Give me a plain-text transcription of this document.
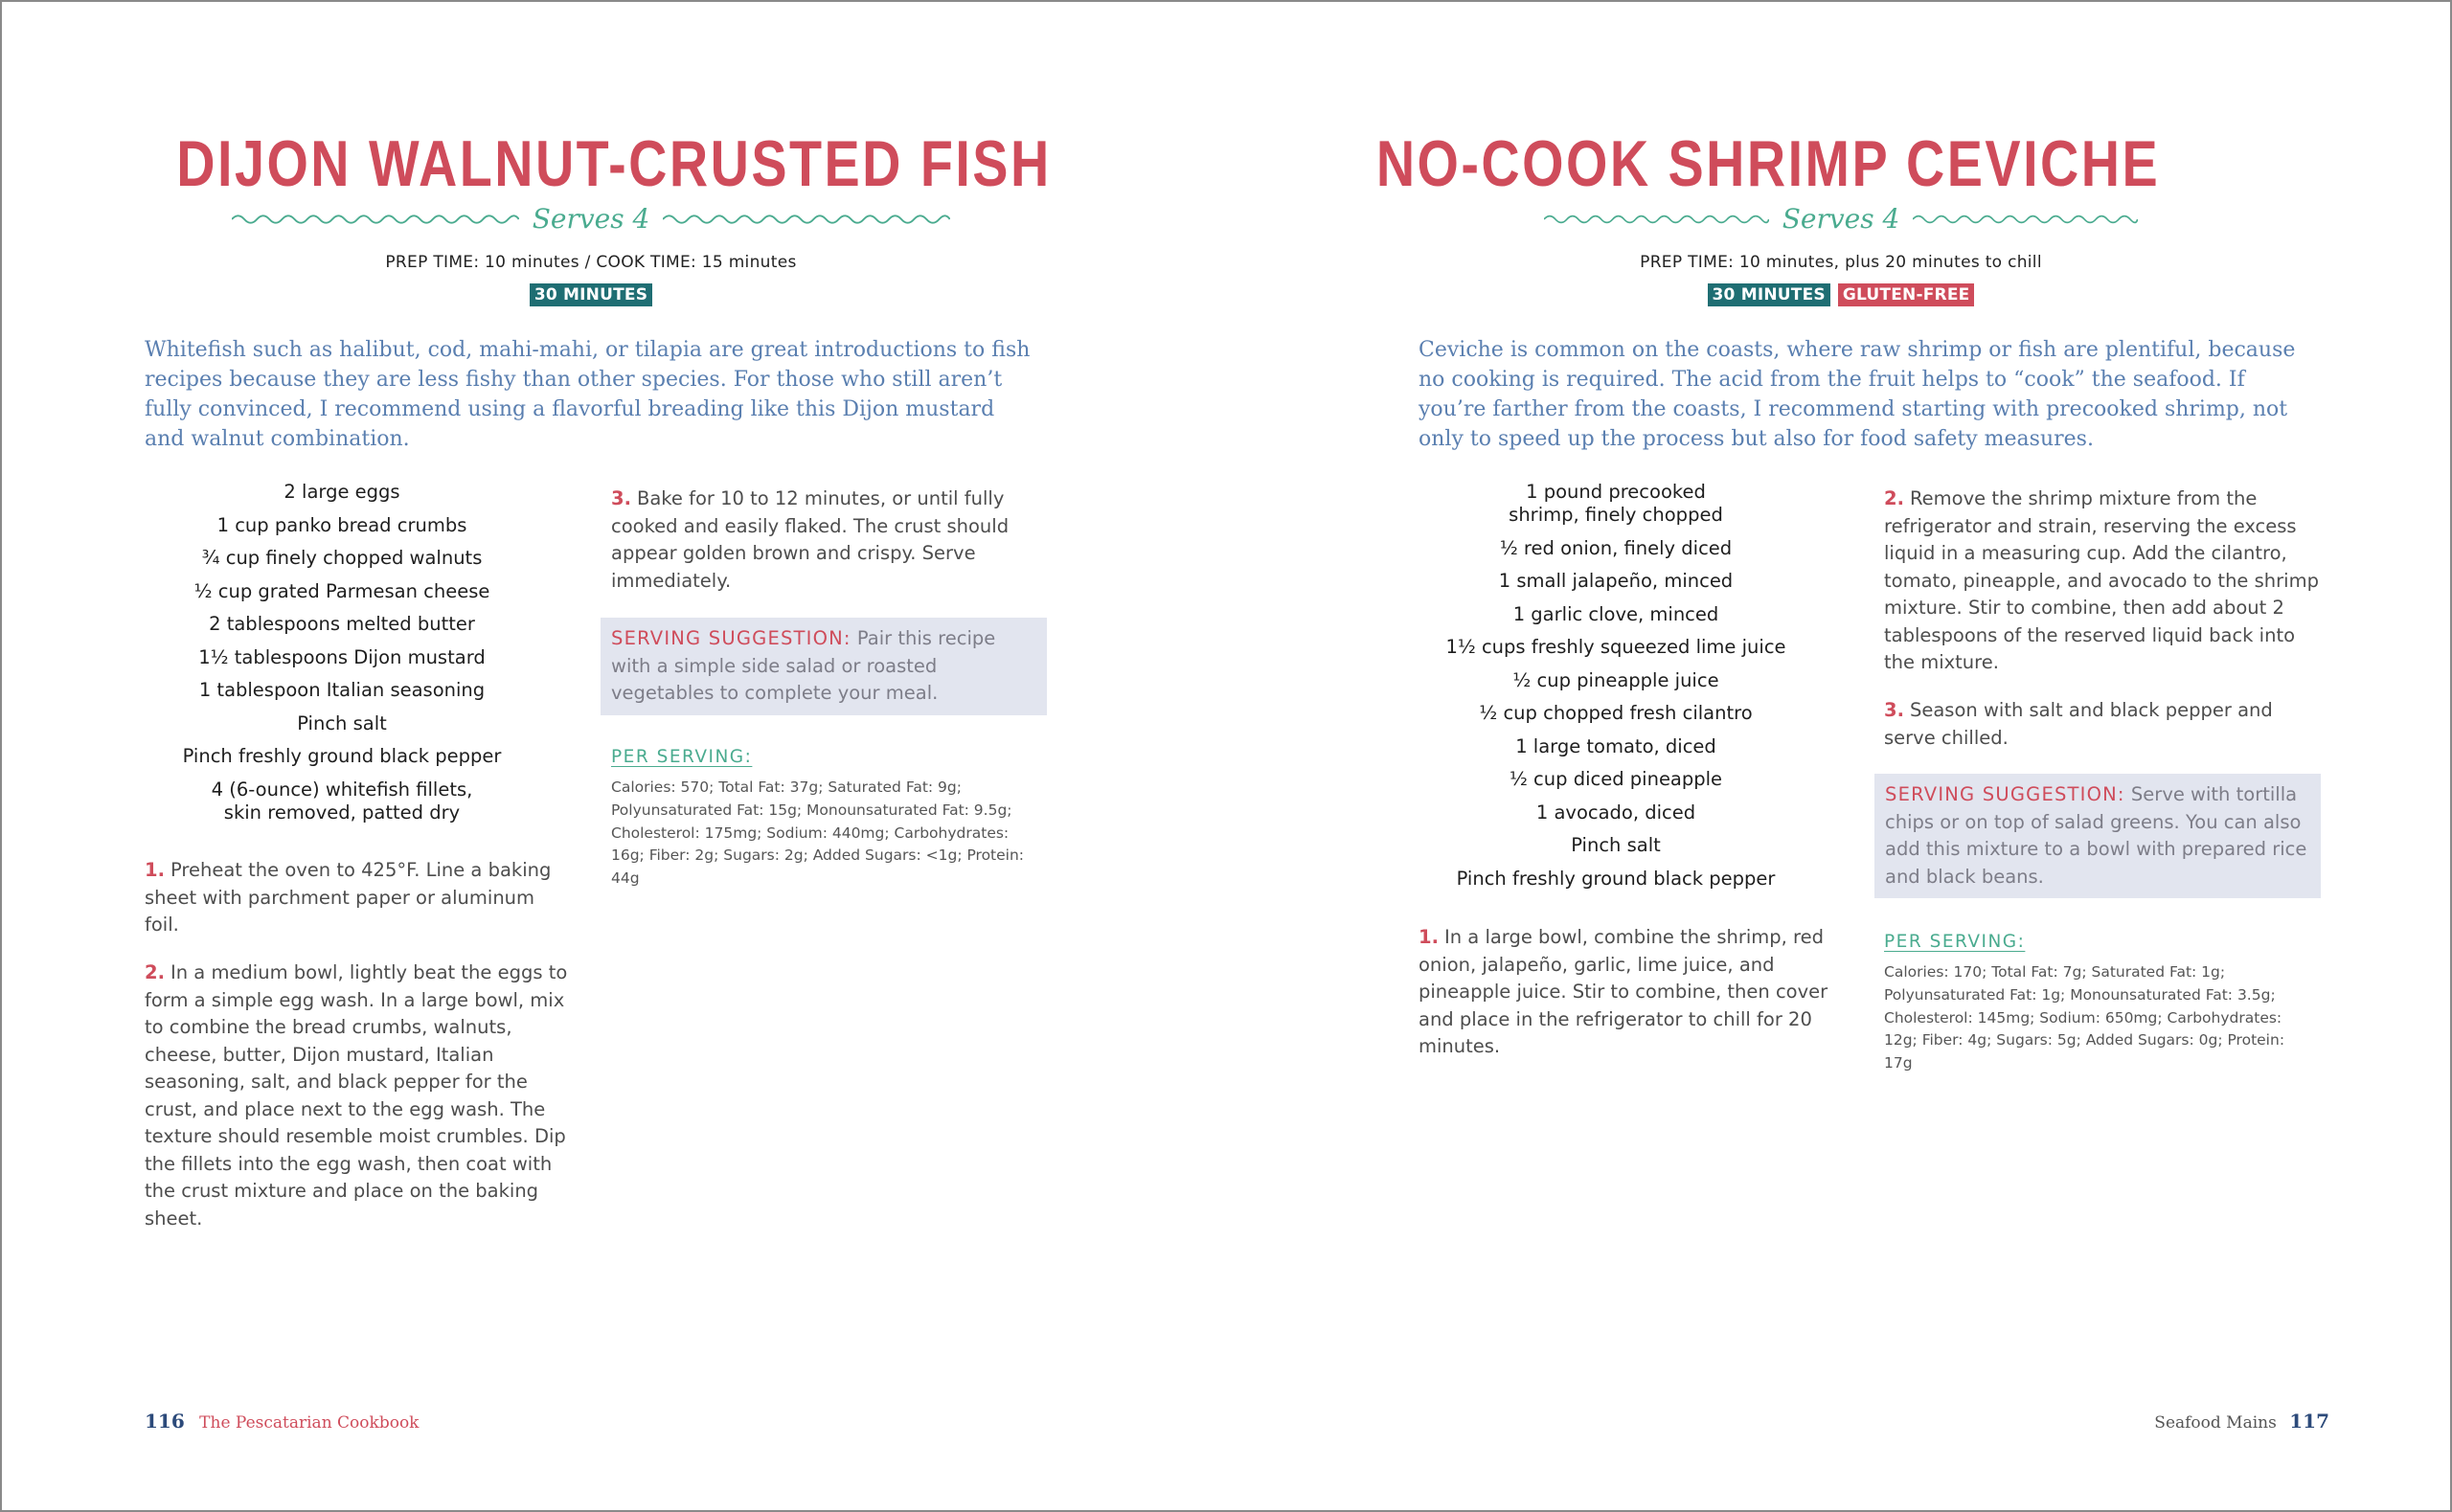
DIJON WALNUT-CRUSTED FISH
Serves 4
PREP TIME: 10 minutes / COOK TIME: 15 minutes
30 MINUTES

Whitefish such as halibut, cod, mahi-mahi, or tilapia are great introductions to fish recipes because they are less fishy than other species. For those who still aren’t fully convinced, I recommend using a flavorful breading like this Dijon mustard and walnut combination.

2 large eggs
1 cup panko bread crumbs
¾ cup finely chopped walnuts
½ cup grated Parmesan cheese
2 tablespoons melted butter
1½ tablespoons Dijon mustard
1 tablespoon Italian seasoning
Pinch salt
Pinch freshly ground black pepper
4 (6-ounce) whitefish fillets, skin removed, patted dry

1. Preheat the oven to 425°F. Line a baking sheet with parchment paper or aluminum foil.

2. In a medium bowl, lightly beat the eggs to form a simple egg wash. In a large bowl, mix to combine the bread crumbs, walnuts, cheese, butter, Dijon mustard, Italian seasoning, salt, and black pepper for the crust, and place next to the egg wash. The texture should resemble moist crumbles. Dip the fillets into the egg wash, then coat with the crust mixture and place on the baking sheet.

3. Bake for 10 to 12 minutes, or until fully cooked and easily flaked. The crust should appear golden brown and crispy. Serve immediately.

SERVING SUGGESTION: Pair this recipe with a simple side salad or roasted vegetables to complete your meal.
PER SERVING:

Calories: 570; Total Fat: 37g; Saturated Fat: 9g; Polyunsaturated Fat: 15g; Monounsaturated Fat: 9.5g; Cholesterol: 175mg; Sodium: 440mg; Carbohydrates: 16g; Fiber: 2g; Sugars: 2g; Added Sugars: <1g; Protein: 44g

116 The Pescatarian Cookbook
NO-COOK SHRIMP CEVICHE
Serves 4
PREP TIME: 10 minutes, plus 20 minutes to chill
30 MINUTES GLUTEN-FREE

Ceviche is common on the coasts, where raw shrimp or fish are plentiful, because no cooking is required. The acid from the fruit helps to “cook” the seafood. If you’re farther from the coasts, I recommend starting with precooked shrimp, not only to speed up the process but also for food safety measures.

1 pound precooked shrimp, finely chopped
½ red onion, finely diced
1 small jalapeño, minced
1 garlic clove, minced
1½ cups freshly squeezed lime juice
½ cup pineapple juice
½ cup chopped fresh cilantro
1 large tomato, diced
½ cup diced pineapple
1 avocado, diced
Pinch salt
Pinch freshly ground black pepper

1. In a large bowl, combine the shrimp, red onion, jalapeño, garlic, lime juice, and pineapple juice. Stir to combine, then cover and place in the refrigerator to chill for 20 minutes.

2. Remove the shrimp mixture from the refrigerator and strain, reserving the excess liquid in a measuring cup. Add the cilantro, tomato, pineapple, and avocado to the shrimp mixture. Stir to combine, then add about 2 tablespoons of the reserved liquid back into the mixture.

3. Season with salt and black pepper and serve chilled.

SERVING SUGGESTION: Serve with tortilla chips or on top of salad greens. You can also add this mixture to a bowl with prepared rice and black beans.
PER SERVING:

Calories: 170; Total Fat: 7g; Saturated Fat: 1g; Polyunsaturated Fat: 1g; Monounsaturated Fat: 3.5g; Cholesterol: 145mg; Sodium: 650mg; Carbohydrates: 12g; Fiber: 4g; Sugars: 5g; Added Sugars: 0g; Protein: 17g

Seafood Mains 117
